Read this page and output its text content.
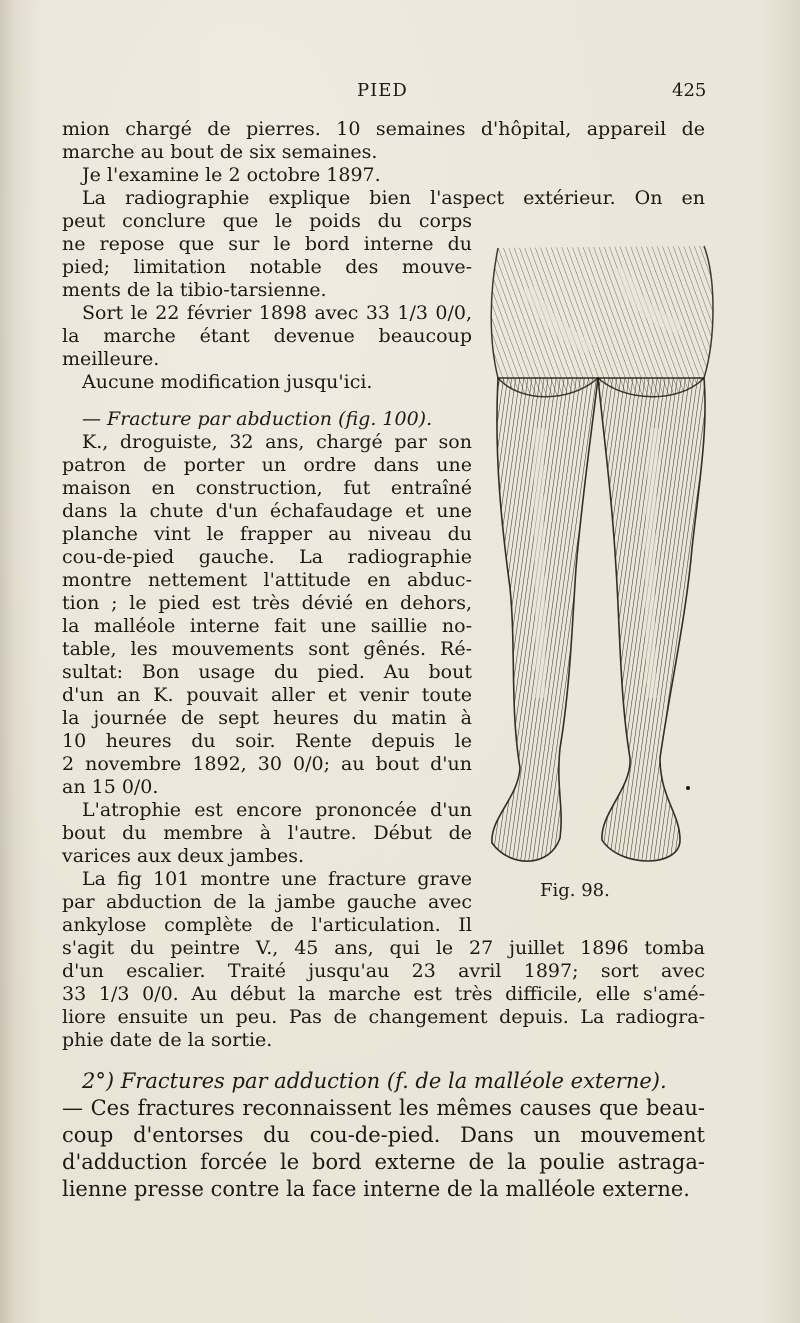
PIED	425
mion chargé de pierres. 10 semaines d'hôpital, appareil de
marche au bout de six semaines.
Je l'examine le 2 octobre 1897.
La radiographie explique bien l'aspect extérieur. On en
peut conclure que le poids du corps
ne repose que sur le bord interne du
pied; limitation notable des mouve-
ments de la tibio-tarsienne.
Sort le 22 février 1898 avec 33 1/3 0/0,
la marche étant devenue beaucoup
meilleure.
Aucune modification jusqu'ici.
— Fracture par abduction (fig. 100).
K., droguiste, 32 ans, chargé par son
patron de porter un ordre dans une
maison en construction, fut entraîné
dans la chute d'un échafaudage et une
planche vint le frapper au niveau du
cou-de-pied gauche. La radiographie
montre nettement l'attitude en abduc-
tion ; le pied est très dévié en dehors,
la malléole interne fait une saillie no-
table, les mouvements sont gênés. Ré-
sultat: Bon usage du pied. Au bout
d'un an K. pouvait aller et venir toute
la journée de sept heures du matin à
10 heures du soir. Rente depuis le
2 novembre 1892, 30 0/0; au bout d'un
an 15 0/0.
L'atrophie est encore prononcée d'un
bout du membre à l'autre. Début de
varices aux deux jambes.
La fig 101 montre une fracture grave
par abduction de la jambe gauche avec
ankylose complète de l'articulation. Il
s'agit du peintre V., 45 ans, qui le 27 juillet 1896 tomba
d'un escalier. Traité jusqu'au 23 avril 1897; sort avec
33 1/3 0/0. Au début la marche est très difficile, elle s'amé-
liore ensuite un peu. Pas de changement depuis. La radiogra-
phie date de la sortie.
2°) Fractures par adduction (f. de la malléole externe).
— Ces fractures reconnaissent les mêmes causes que beau-
coup d'entorses du cou-de-pied. Dans un mouvement
d'adduction forcée le bord externe de la poulie astraga-
lienne presse contre la face interne de la malléole externe.
Fig. 98.
